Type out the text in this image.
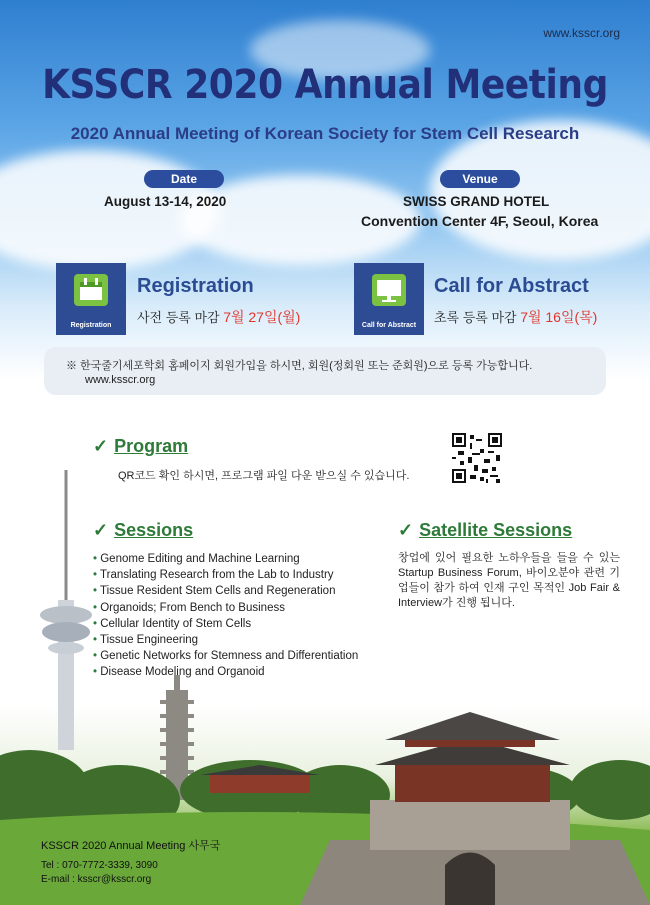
www.ksscr.org
KSSCR 2020 Annual Meeting
2020 Annual Meeting of Korean Society for Stem Cell Research
Date
August 13-14, 2020
Venue
SWISS GRAND HOTEL
Convention Center 4F, Seoul, Korea
Registration
Registration
사전 등록 마감 7월 27일(월)
Call for Abstract
Call for Abstract
초록 등록 마감 7월 16일(목)
※ 한국줄기세포학회 홈페이지 회원가입을 하시면, 회원(정회원 또는 준회원)으로 등록 가능합니다.
www.ksscr.org
✓ Program
QR코드 확인 하시면, 프로그램 파일 다운 받으실 수 있습니다.
✓ Sessions
• Genome Editing and Machine Learning
• Translating Research from the Lab to Industry
• Tissue Resident Stem Cells and Regeneration
• Organoids; From Bench to Business
• Cellular Identity of Stem Cells
• Tissue Engineering
• Genetic Networks for Stemness and Differentiation
• Disease Modeling and Organoid
✓ Satellite Sessions
창업에 있어 필요한 노하우들을 들을 수 있는 Startup Business Forum, 바이오분야 관련 기업들이 참가 하여 인재 구인 목적인 Job Fair & Interview가 진행 됩니다.
KSSCR 2020 Annual Meeting 사무국
Tel : 070-7772-3339, 3090
E-mail : ksscr@ksscr.org
